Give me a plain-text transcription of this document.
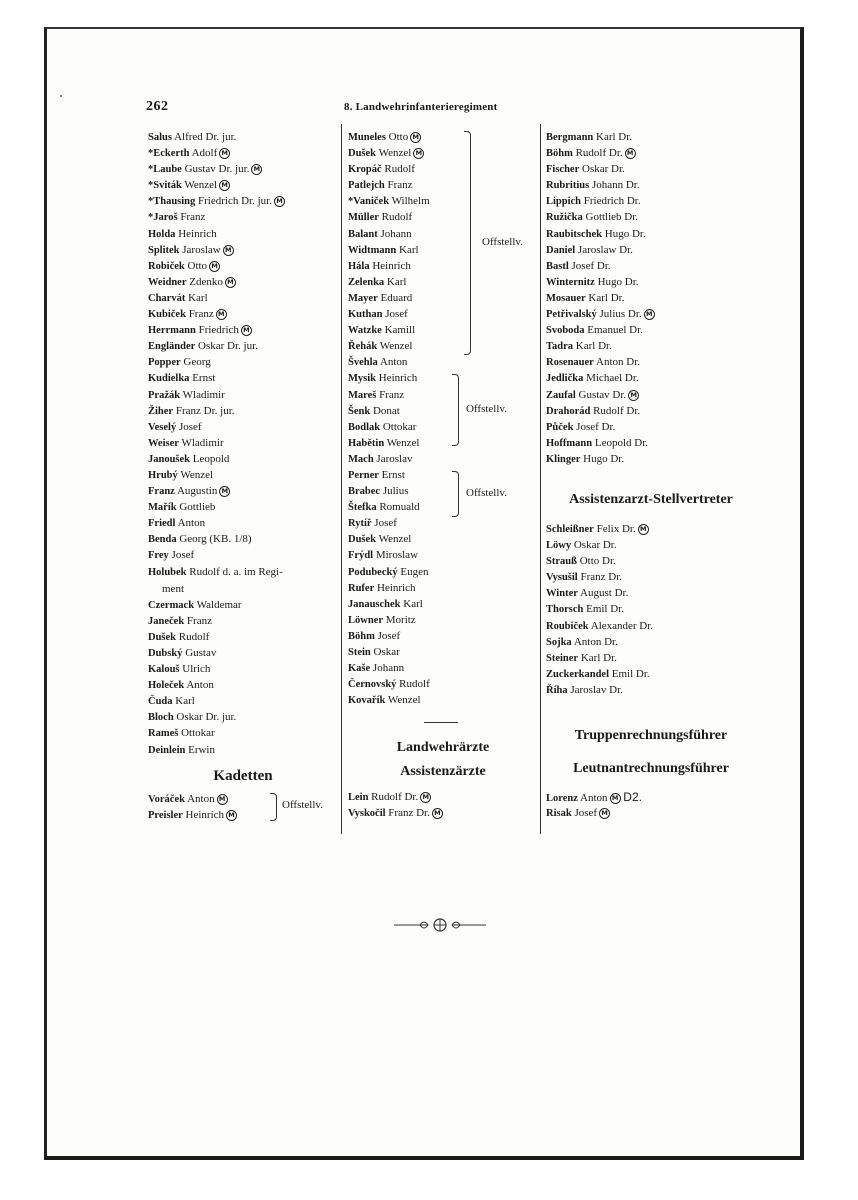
262	8. Landwehrinfanterieregiment
Salus Alfred Dr. jur.
*Eckerth Adolf M
*Laube Gustav Dr. jur. M
*Sviták Wenzel M
*Thausing Friedrich Dr. jur. M
*Jaroš Franz
Holda Heinrich
Splitek Jaroslaw M
Robiček Otto M
Weidner Zdenko M
Charvát Karl
Kubiček Franz M
Herrmann Friedrich M
Engländer Oskar Dr. jur.
Popper Georg
Kudielka Ernst
Pražák Wladimir
Žiher Franz Dr. jur.
Veselý Josef
Weiser Wladimir
Janoušek Leopold
Hrubý Wenzel
Franz Augustin M
Mařík Gottlieb
Friedl Anton
Benda Georg (KB. 1/8)
Frey Josef
Holubek Rudolf d. a. im Regi-
ment
Czermack Waldemar
Janeček Franz
Dušek Rudolf
Dubský Gustav
Kalouš Ulrich
Holeček Anton
Čuda Karl
Bloch Oskar Dr. jur.
Rameš Ottokar
Deinlein Erwin
Kadetten
Voráček Anton M
Preisler Heinrich M
Offstellv.
Muneles Otto M
Dušek Wenzel M
Kropáč Rudolf
Patlejch Franz
*Vaniček Wilhelm
Müller Rudolf
Balant Johann
Widtmann Karl
Hála Heinrich
Zelenka Karl
Mayer Eduard
Kuthan Josef
Watzke Kamill
Řehák Wenzel
Švehla Anton
Mysik Heinrich
Mareš Franz
Šenk Donat
Bodlak Ottokar
Habětin Wenzel
Mach Jaroslav
Perner Ernst
Brabec Julius
Štefka Romuald
Rytíř Josef
Dušek Wenzel
Frýdl Miroslaw
Podubecký Eugen
Rufer Heinrich
Janauschek Karl
Löwner Moritz
Böhm Josef
Stein Oskar
Kaše Johann
Černovský Rudolf
Kovařík Wenzel
Offstellv.
Offstellv.
Offstellv.
Landwehrärzte
Assistenzärzte
Lein Rudolf Dr. M
Vyskočil Franz Dr. M
Bergmann Karl Dr.
Böhm Rudolf Dr. M
Fischer Oskar Dr.
Rubritius Johann Dr.
Lippich Friedrich Dr.
Ružička Gottlieb Dr.
Raubitschek Hugo Dr.
Daniel Jaroslaw Dr.
Bastl Josef Dr.
Winternitz Hugo Dr.
Mosauer Karl Dr.
Petřivalský Julius Dr. M
Svoboda Emanuel Dr.
Tadra Karl Dr.
Rosenauer Anton Dr.
Jedlička Michael Dr.
Zaufal Gustav Dr. M
Drahorád Rudolf Dr.
Půček Josef Dr.
Hoffmann Leopold Dr.
Klinger Hugo Dr.
Assistenzarzt-Stellvertreter
Schleißner Felix Dr. M
Löwy Oskar Dr.
Strauß Otto Dr.
Vysušil Franz Dr.
Winter August Dr.
Thorsch Emil Dr.
Roubiček Alexander Dr.
Sojka Anton Dr.
Steiner Karl Dr.
Zuckerkandel Emil Dr.
Říha Jaroslav Dr.
Truppenrechnungsführer
Leutnantrechnungsführer
Lorenz Anton M D2.
Risak Josef M
